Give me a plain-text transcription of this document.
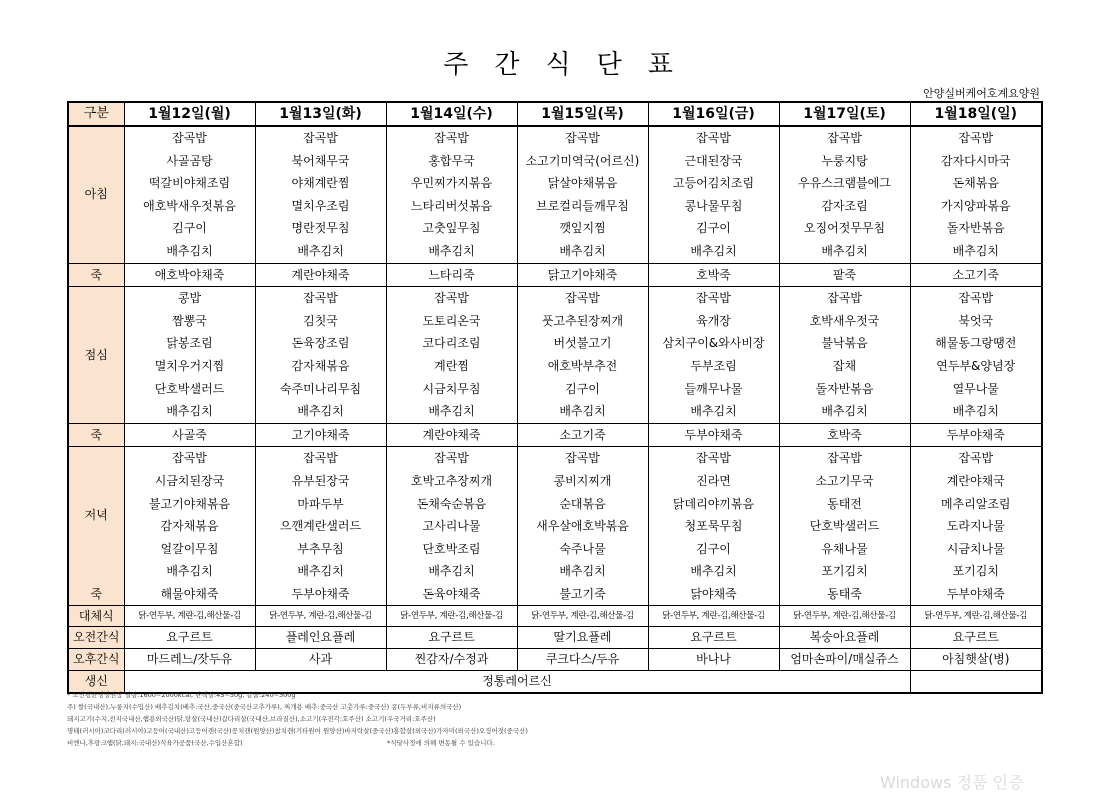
주 간 식 단 표
안양실버케어호계요양원
구분	1월12일(월)	1월13일(화)	1월14일(수)	1월15일(목)	1월16일(금)	1월17일(토)	1월18일(일)
아침	잡곡밥	잡곡밥	잡곡밥	잡곡밥	잡곡밥	잡곡밥	잡곡밥
	사골곰탕	북어채무국	홍합무국	소고기미역국(어르신)	근대된장국	누룽지탕	감자다시마국
	떡갈비야채조림	야채계란찜	우민찌가지볶음	닭살야채볶음	고등어김치조림	우유스크램블에그	돈채볶음
	애호박새우젓볶음	멸치우조림	느타리버섯볶음	브로컬리들깨무침	콩나물무침	감자조림	가지양파볶음
	김구이	명란젓무침	고춧잎무침	깻잎지찜	김구이	오징어젓무무침	돌자반볶음
	배추김치	배추김치	배추김치	배추김치	배추김치	배추김치	배추김치
죽	애호박야채죽	계란야채죽	느타리죽	닭고기야채죽	호박죽	팥죽	소고기죽
점심	콩밥	잡곡밥	잡곡밥	잡곡밥	잡곡밥	잡곡밥	잡곡밥
	짬뽕국	김칫국	도토리온국	풋고추된장찌개	육개장	호박새우젓국	북엇국
	닭봉조림	돈육장조림	코다리조림	버섯불고기	삼치구이&와사비장	불낙볶음	해물동그랑땡전
	멸치우거지찜	감자채볶음	계란찜	애호박부추전	두부조림	잡채	연두부&양념장
	단호박샐러드	숙주미나리무침	시금치무침	김구이	들깨무나물	돌자반볶음	열무나물
	배추김치	배추김치	배추김치	배추김치	배추김치	배추김치	배추김치
죽	사골죽	고기야채죽	계란야채죽	소고기죽	두부야채죽	호박죽	두부야채죽
저녁	잡곡밥	잡곡밥	잡곡밥	잡곡밥	잡곡밥	잡곡밥	잡곡밥
	시금치된장국	유부된장국	호박고추장찌개	콩비지찌개	진라면	소고기무국	계란야채국
	불고기야채볶음	마파두부	돈채숙순볶음	순대볶음	닭데리야끼볶음	동태전	메추리알조림
	감자채볶음	으깬계란샐러드	고사리나물	새우살애호박볶음	청포묵무침	단호박샐러드	도라지나물
	얼갈이무침	부추무침	단호박조림	숙주나물	김구이	유채나물	시금치나물
	배추김치	배추김치	배추김치	배추김치	배추김치	포기김치	포기김치
죽	해물야채죽	두부야채죽	돈육야채죽	불고기죽	닭야채죽	동태죽	두부야채죽
대체식	닭-연두부, 계란-김,해산물-김	닭-연두부, 계란-김,해산물-김	닭-연두부, 계란-김,해산물-김	닭-연두부, 계란-김,해산물-김	닭-연두부, 계란-김,해산물-김	닭-연두부, 계란-김,해산물-김	닭-연두부, 계란-김,해산물-김
오전간식	요구르트	플레인요플레	요구르트	딸기요플레	요구르트	복숭아요플레	요구르트
오후간식	마드레느/잣두유	사과	찐감자/수정과	쿠크다스/두유	바나나	엄마손파이/매실쥬스	아침햇살(병)
생신	정통레어르신						
* 노인평균영양권장 열량:1600~2000kcal, 단백질:45~50g, 칼슘:240~300g
주) 쌀(국내산),누룽지(수입산) 배추김치(배추:국산,중국산(중국산고추가루), 찌개용 배추:중국산 고춧가루:중국산) 콩(두부류,비지류의국산)
돼지고기(수지,전지국내산,햄용외국산)닭,탕살(국내산)갑다리살(국내산,브라질산),소고기(우전각:호주산) 소고기(우국거리:호주산)
명태(러시아)코다리(러시아)고등어(국내산)고등어캔(국산)꽁치캔(원양산)참치캔(기타원어 원양산)바지락살(중국산)홍합살(외국산)가자미(외국산)오징어젓(중국산)
비엔나,후랑크햄(닭,돼지:국내산)식육가공품(국산,수입산혼합)	*식당사정에 의해 변동될 수 있습니다.
Windows 정품 인증
